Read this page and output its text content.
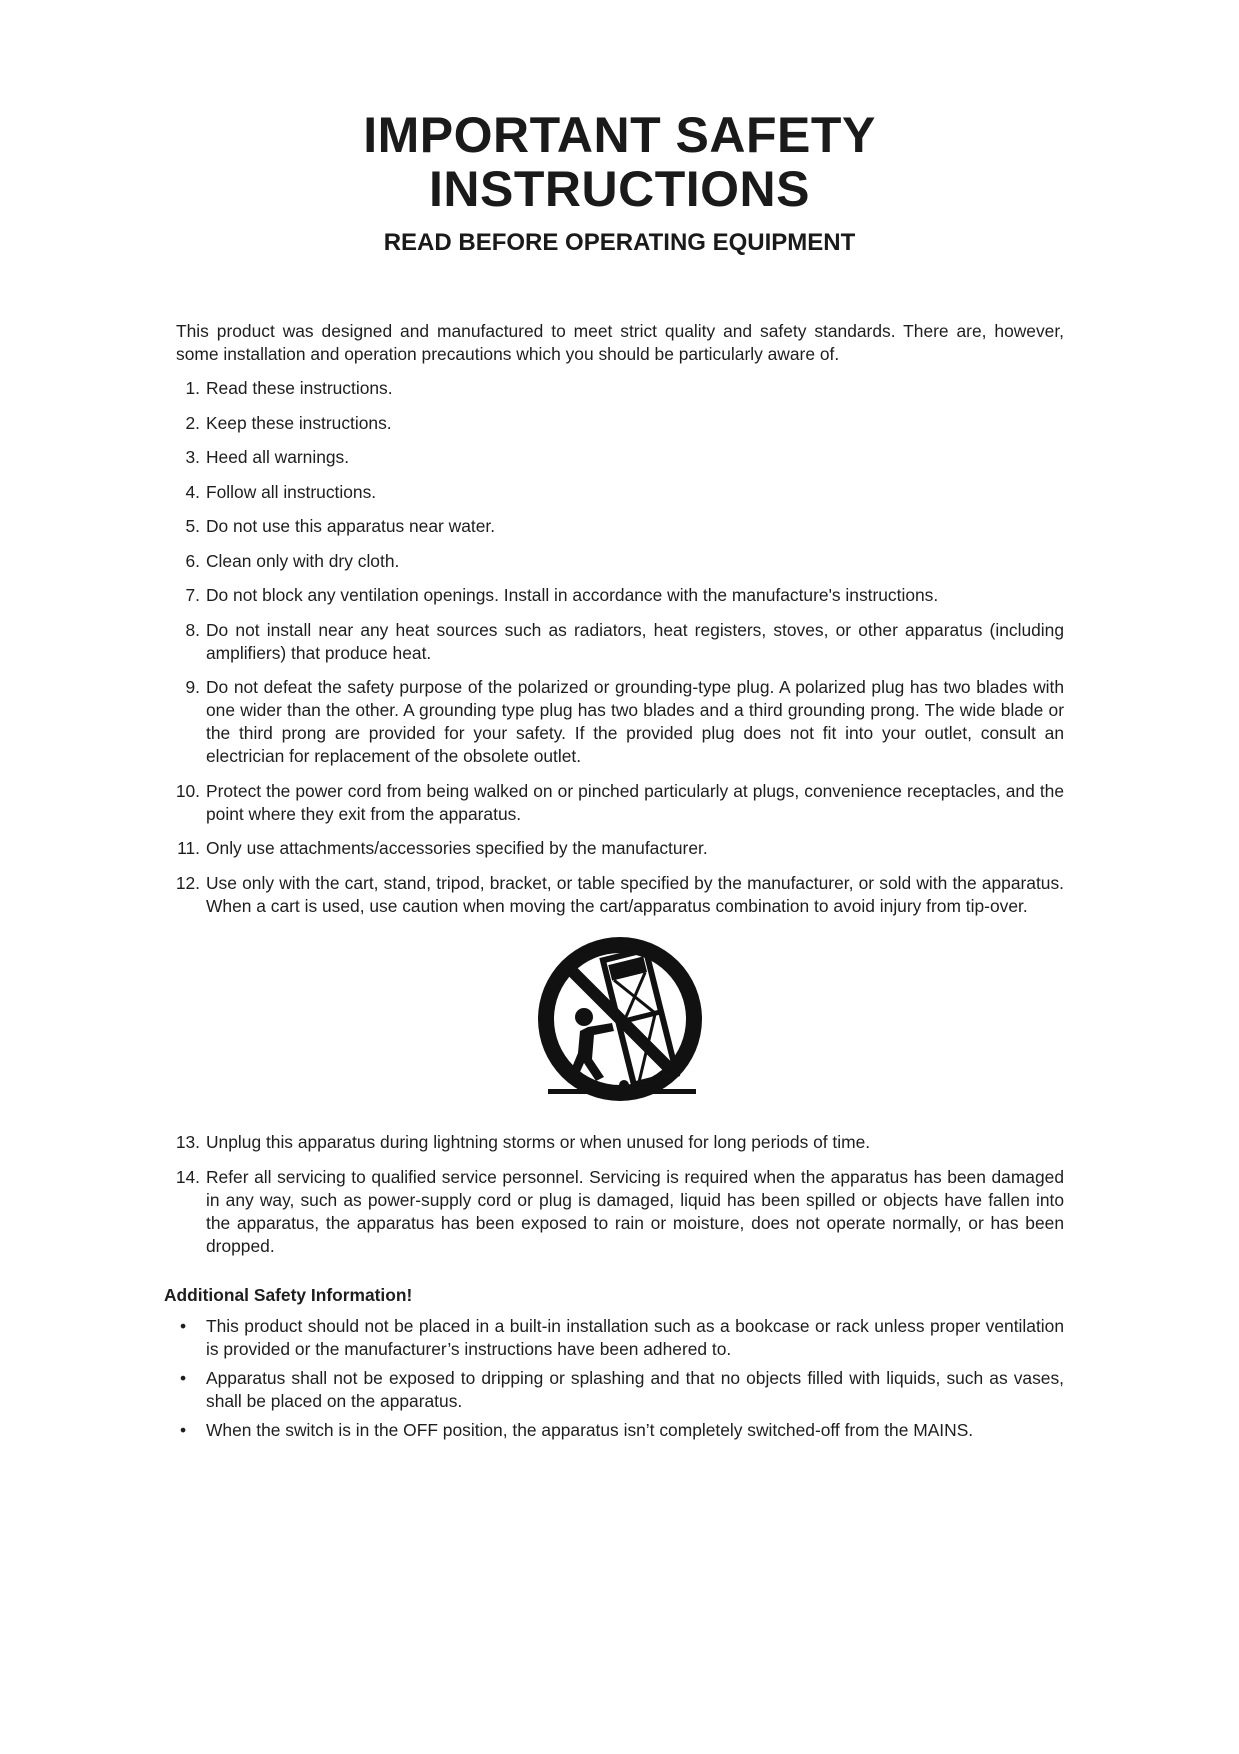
IMPORTANT SAFETY
INSTRUCTIONS
READ BEFORE OPERATING EQUIPMENT

This product was designed and manufactured to meet strict quality and safety standards. There are, however, some installation and operation precautions which you should be particularly aware of.

1. Read these instructions.
2. Keep these instructions.
3. Heed all warnings.
4. Follow all instructions.
5. Do not use this apparatus near water.
6. Clean only with dry cloth.
7. Do not block any ventilation openings. Install in accordance with the manufacture's instructions.
8. Do not install near any heat sources such as radiators, heat registers, stoves, or other apparatus (including amplifiers) that produce heat.
9. Do not defeat the safety purpose of the polarized or grounding-type plug. A polarized plug has two blades with one wider than the other. A grounding type plug has two blades and a third grounding prong. The wide blade or the third prong are provided for your safety. If the provided plug does not fit into your outlet, consult an electrician for replacement of the obsolete outlet.
10. Protect the power cord from being walked on or pinched particularly at plugs, convenience receptacles, and the point where they exit from the apparatus.
11. Only use attachments/accessories specified by the manufacturer.
12. Use only with the cart, stand, tripod, bracket, or table specified by the manufacturer, or sold with the apparatus. When a cart is used, use caution when moving the cart/apparatus combination to avoid injury from tip-over.
13. Unplug this apparatus during lightning storms or when unused for long periods of time.
14. Refer all servicing to qualified service personnel. Servicing is required when the apparatus has been damaged in any way, such as power-supply cord or plug is damaged, liquid has been spilled or objects have fallen into the apparatus, the apparatus has been exposed to rain or moisture, does not operate normally, or has been dropped.
Additional Safety Information!
• This product should not be placed in a built-in installation such as a bookcase or rack unless proper ventilation is provided or the manufacturer’s instructions have been adhered to.
• Apparatus shall not be exposed to dripping or splashing and that no objects filled with liquids, such as vases, shall be placed on the apparatus.
• When the switch is in the OFF position, the apparatus isn’t completely switched-off from the MAINS.
